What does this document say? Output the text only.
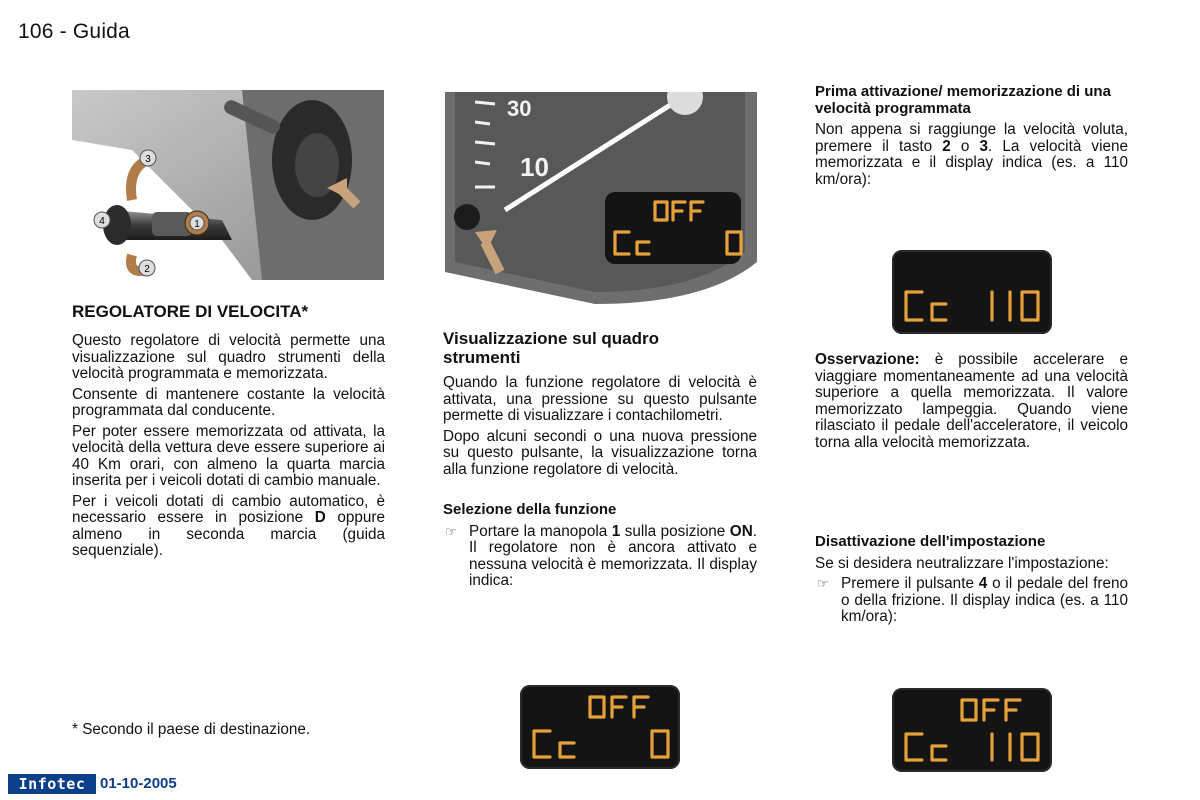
106 - Guida
3
4	1
2
30
10
REGOLATORE DI VELOCITA*

Questo regolatore di velocità permette una visualizzazione sul quadro strumenti della velocità programmata e memorizzata.

Consente di mantenere costante la velocità programmata dal conducente.

Per poter essere memorizzata od attivata, la velocità della vettura deve essere superiore ai 40 Km orari, con almeno la quarta marcia inserita per i veicoli dotati di cambio manuale.

Per i veicoli dotati di cambio automatico, è necessario essere in posizione D oppure almeno in seconda marcia (guida sequenziale).

* Secondo il paese di destinazione.
Visualizzazione sul quadro strumenti

Quando la funzione regolatore di velocità è attivata, una pressione su questo pulsante permette di visualizzare i contachilometri.

Dopo alcuni secondi o una nuova pressione su questo pulsante, la visualizzazione torna alla funzione regolatore di velocità.

Selezione della funzione
☞ Portare la manopola 1 sulla posizione ON. Il regolatore non è ancora attivato e nessuna velocità è memorizzata. Il display indica:
Prima attivazione/ memorizzazione di una velocità programmata

Non appena si raggiunge la velocità voluta, premere il tasto 2 o 3. La velocità viene memorizzata e il display indica (es. a 110 km/ora):

Osservazione: è possibile accelerare e viaggiare momentaneamente ad una velocità superiore a quella memorizzata. Il valore memorizzato lampeggia. Quando viene rilasciato il pedale dell'acceleratore, il veicolo torna alla velocità memorizzata.

Disattivazione dell'impostazione

Se si desidera neutralizzare l'impostazione:

☞ Premere il pulsante 4 o il pedale del freno o della frizione. Il display indica (es. a 110 km/ora):
Infotec 01-10-2005
